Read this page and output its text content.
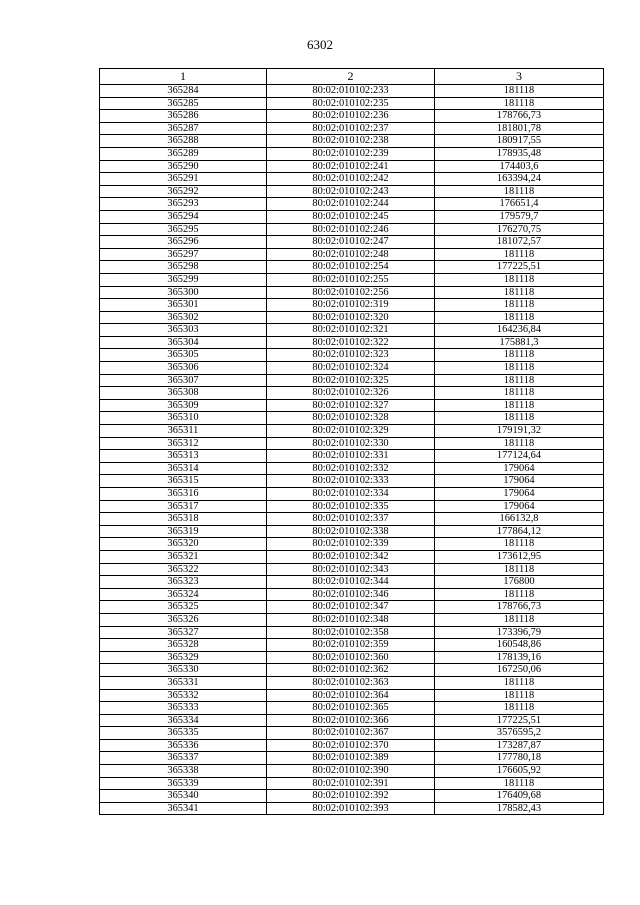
6302
1	2	3
365284	80:02:010102:233	181118
365285	80:02:010102:235	181118
365286	80:02:010102:236	178766,73
365287	80:02:010102:237	181801,78
365288	80:02:010102:238	180917,55
365289	80:02:010102:239	178935,48
365290	80:02:010102:241	174403,6
365291	80:02:010102:242	163394,24
365292	80:02:010102:243	181118
365293	80:02:010102:244	176651,4
365294	80:02:010102:245	179579,7
365295	80:02:010102:246	176270,75
365296	80:02:010102:247	181072,57
365297	80:02:010102:248	181118
365298	80:02:010102:254	177225,51
365299	80:02:010102:255	181118
365300	80:02:010102:256	181118
365301	80:02:010102:319	181118
365302	80:02:010102:320	181118
365303	80:02:010102:321	164236,84
365304	80:02:010102:322	175881,3
365305	80:02:010102:323	181118
365306	80:02:010102:324	181118
365307	80:02:010102:325	181118
365308	80:02:010102:326	181118
365309	80:02:010102:327	181118
365310	80:02:010102:328	181118
365311	80:02:010102:329	179191,32
365312	80:02:010102:330	181118
365313	80:02:010102:331	177124,64
365314	80:02:010102:332	179064
365315	80:02:010102:333	179064
365316	80:02:010102:334	179064
365317	80:02:010102:335	179064
365318	80:02:010102:337	166132,8
365319	80:02:010102:338	177864,12
365320	80:02:010102:339	181118
365321	80:02:010102:342	173612,95
365322	80:02:010102:343	181118
365323	80:02:010102:344	176800
365324	80:02:010102:346	181118
365325	80:02:010102:347	178766,73
365326	80:02:010102:348	181118
365327	80:02:010102:358	173396,79
365328	80:02:010102:359	160548,86
365329	80:02:010102:360	178139,16
365330	80:02:010102:362	167250,06
365331	80:02:010102:363	181118
365332	80:02:010102:364	181118
365333	80:02:010102:365	181118
365334	80:02:010102:366	177225,51
365335	80:02:010102:367	3576595,2
365336	80:02:010102:370	173287,87
365337	80:02:010102:389	177780,18
365338	80:02:010102:390	176605,92
365339	80:02:010102:391	181118
365340	80:02:010102:392	176409,68
365341	80:02:010102:393	178582,43
